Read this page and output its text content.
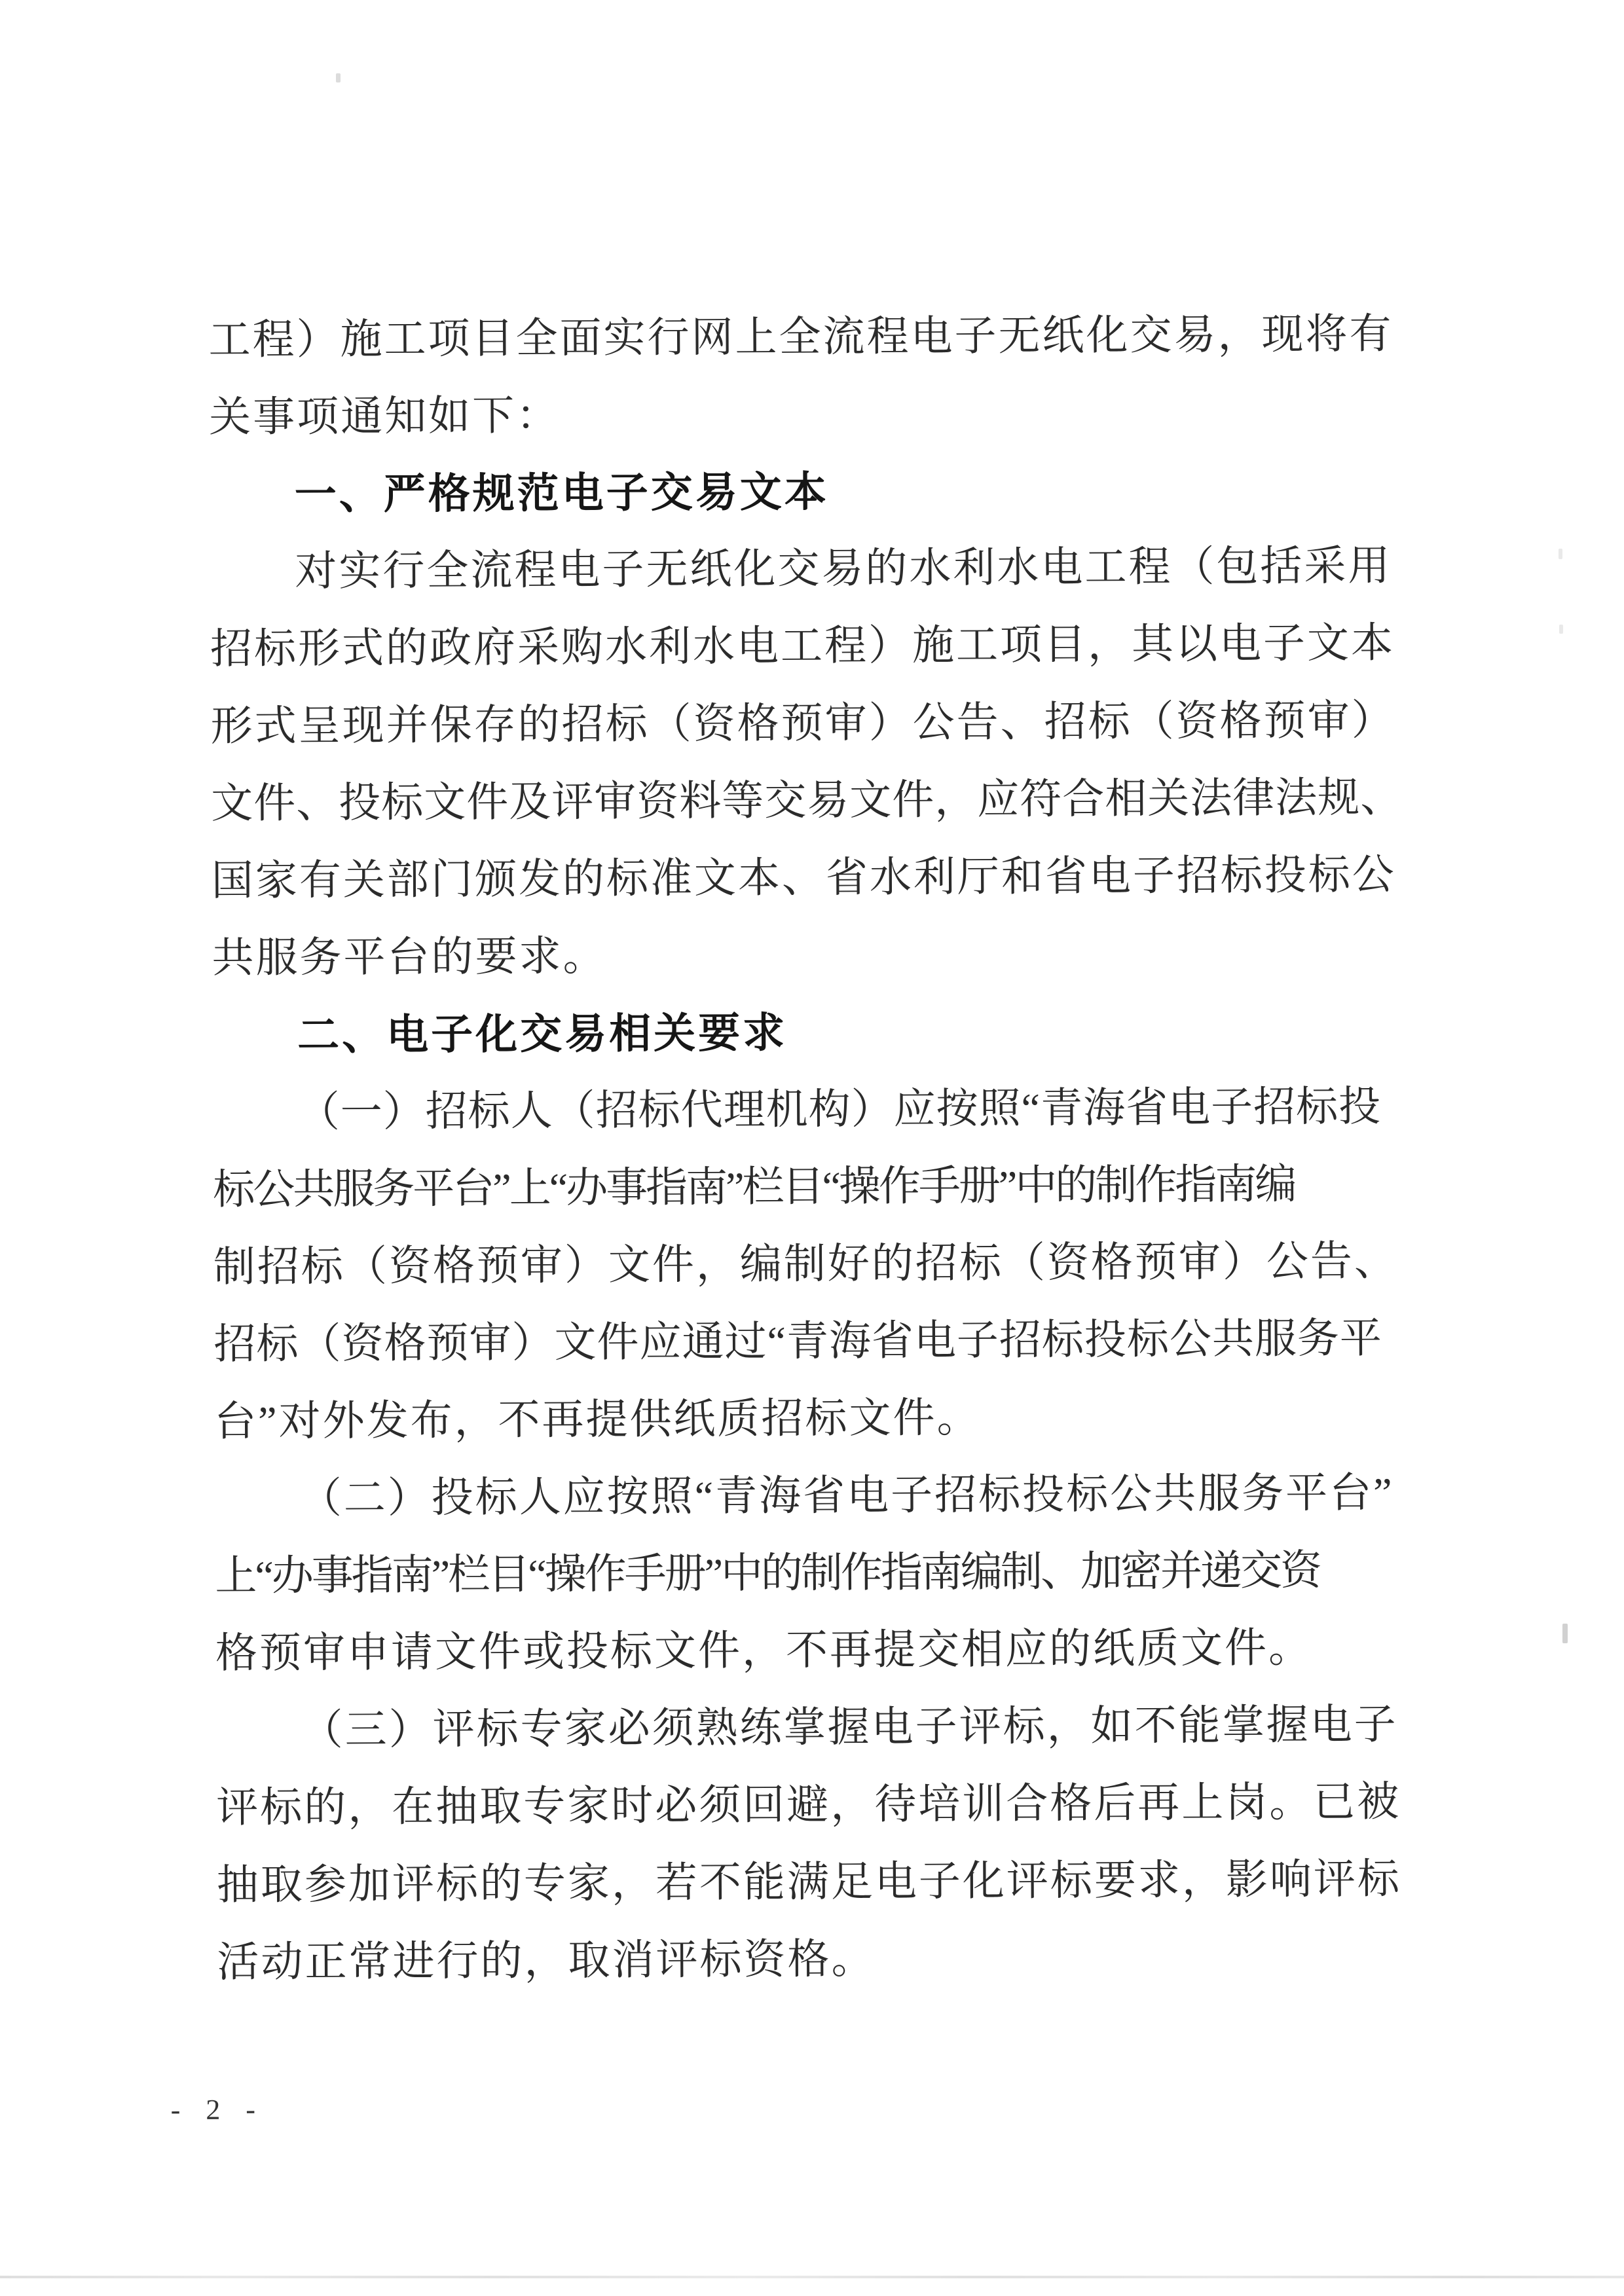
工程）施工项目全面实行网上全流程电子无纸化交易，现将有
关事项通知如下：
一、严格规范电子交易文本
对实行全流程电子无纸化交易的水利水电工程（包括采用
招标形式的政府采购水利水电工程）施工项目，其以电子文本
形式呈现并保存的招标（资格预审）公告、招标（资格预审）
文件、投标文件及评审资料等交易文件，应符合相关法律法规、
国家有关部门颁发的标准文本、省水利厅和省电子招标投标公
共服务平台的要求。
二、电子化交易相关要求
（一）招标人（招标代理机构）应按照“青海省电子招标投
标公共服务平台”上“办事指南”栏目“操作手册”中的制作指南编
制招标（资格预审）文件，编制好的招标（资格预审）公告、
招标（资格预审）文件应通过“青海省电子招标投标公共服务平
台”对外发布，不再提供纸质招标文件。
（二）投标人应按照“青海省电子招标投标公共服务平台”
上“办事指南”栏目“操作手册”中的制作指南编制、加密并递交资
格预审申请文件或投标文件，不再提交相应的纸质文件。
（三）评标专家必须熟练掌握电子评标，如不能掌握电子
评标的，在抽取专家时必须回避，待培训合格后再上岗。已被
抽取参加评标的专家，若不能满足电子化评标要求，影响评标
活动正常进行的，取消评标资格。
- 2 -
